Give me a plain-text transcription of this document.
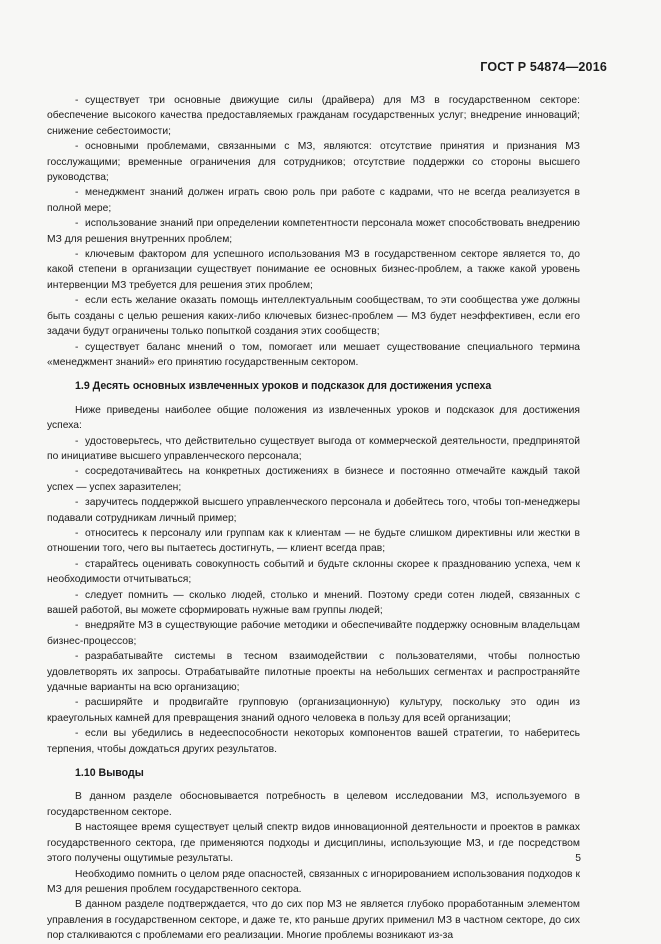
ГОСТ Р 54874—2016
- существует три основные движущие силы (драйвера) для МЗ в государственном секторе: обеспечение высокого качества предоставляемых гражданам государственных услуг; внедрение инноваций; снижение себестоимости;
- основными проблемами, связанными с МЗ, являются: отсутствие принятия и признания МЗ госслужащими; временные ограничения для сотрудников; отсутствие поддержки со стороны высшего руководства;
- менеджмент знаний должен играть свою роль при работе с кадрами, что не всегда реализуется в полной мере;
- использование знаний при определении компетентности персонала может способствовать внедрению МЗ для решения внутренних проблем;
- ключевым фактором для успешного использования МЗ в государственном секторе является то, до какой степени в организации существует понимание ее основных бизнес-проблем, а также какой уровень интервенции МЗ требуется для решения этих проблем;
- если есть желание оказать помощь интеллектуальным сообществам, то эти сообщества уже должны быть созданы с целью решения каких-либо ключевых бизнес-проблем — МЗ будет неэффективен, если его задачи будут ограничены только попыткой создания этих сообществ;
- существует баланс мнений о том, помогает или мешает существование специального термина «менеджмент знаний» его принятию государственным сектором.
1.9 Десять основных извлеченных уроков и подсказок для достижения успеха

Ниже приведены наиболее общие положения из извлеченных уроков и подсказок для достижения успеха:

- удостоверьтесь, что действительно существует выгода от коммерческой деятельности, предпринятой по инициативе высшего управленческого персонала;
- сосредотачивайтесь на конкретных достижениях в бизнесе и постоянно отмечайте каждый такой успех — успех заразителен;
- заручитесь поддержкой высшего управленческого персонала и добейтесь того, чтобы топ-менеджеры подавали сотрудникам личный пример;
- относитесь к персоналу или группам как к клиентам — не будьте слишком директивны или жестки в отношении того, чего вы пытаетесь достигнуть, — клиент всегда прав;
- старайтесь оценивать совокупность событий и будьте склонны скорее к празднованию успеха, чем к необходимости отчитываться;
- следует помнить — сколько людей, столько и мнений. Поэтому среди сотен людей, связанных с вашей работой, вы можете сформировать нужные вам группы людей;
- внедряйте МЗ в существующие рабочие методики и обеспечивайте поддержку основным владельцам бизнес-процессов;
- разрабатывайте системы в тесном взаимодействии с пользователями, чтобы полностью удовлетворять их запросы. Отрабатывайте пилотные проекты на небольших сегментах и распространяйте удачные варианты на всю организацию;
- расширяйте и продвигайте групповую (организационную) культуру, поскольку это один из краеугольных камней для превращения знаний одного человека в пользу для всей организации;
- если вы убедились в недееспособности некоторых компонентов вашей стратегии, то наберитесь терпения, чтобы дождаться других результатов.
1.10 Выводы

В данном разделе обосновывается потребность в целевом исследовании МЗ, используемого в государственном секторе.

В настоящее время существует целый спектр видов инновационной деятельности и проектов в рамках государственного сектора, где применяются подходы и дисциплины, использующие МЗ, и где посредством этого получены ощутимые результаты.

Необходимо помнить о целом ряде опасностей, связанных с игнорированием использования подходов к МЗ для решения проблем государственного сектора.

В данном разделе подтверждается, что до сих пор МЗ не является глубоко проработанным элементом управления в государственном секторе, и даже те, кто раньше других применил МЗ в частном секторе, до сих пор сталкиваются с проблемами его реализации. Многие проблемы возникают из-за

5
